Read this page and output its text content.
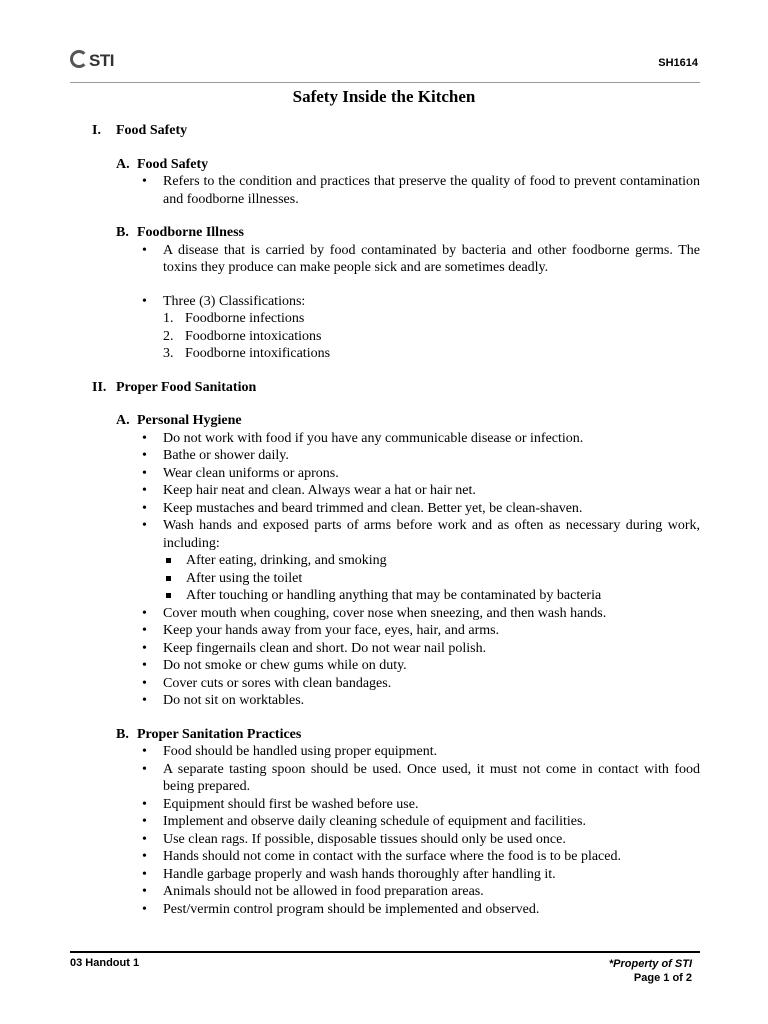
STI	SH1614
Safety Inside the Kitchen
I.	Food Safety
A. Food Safety
• Refers to the condition and practices that preserve the quality of food to prevent contamination and foodborne illnesses.
B. Foodborne Illness
• A disease that is carried by food contaminated by bacteria and other foodborne germs. The toxins they produce can make people sick and are sometimes deadly.
• Three (3) Classifications:
1. Foodborne infections
2. Foodborne intoxications
3. Foodborne intoxifications
II. Proper Food Sanitation
A. Personal Hygiene
• Do not work with food if you have any communicable disease or infection.
• Bathe or shower daily.
• Wear clean uniforms or aprons.
• Keep hair neat and clean. Always wear a hat or hair net.
• Keep mustaches and beard trimmed and clean. Better yet, be clean-shaven.
• Wash hands and exposed parts of arms before work and as often as necessary during work, including:
After eating, drinking, and smoking
After using the toilet
After touching or handling anything that may be contaminated by bacteria
• Cover mouth when coughing, cover nose when sneezing, and then wash hands.
• Keep your hands away from your face, eyes, hair, and arms.
• Keep fingernails clean and short. Do not wear nail polish.
• Do not smoke or chew gums while on duty.
• Cover cuts or sores with clean bandages.
• Do not sit on worktables.
B. Proper Sanitation Practices
• Food should be handled using proper equipment.
• A separate tasting spoon should be used. Once used, it must not come in contact with food being prepared.
• Equipment should first be washed before use.
• Implement and observe daily cleaning schedule of equipment and facilities.
• Use clean rags. If possible, disposable tissues should only be used once.
• Hands should not come in contact with the surface where the food is to be placed.
• Handle garbage properly and wash hands thoroughly after handling it.
• Animals should not be allowed in food preparation areas.
• Pest/vermin control program should be implemented and observed.
03 Handout 1	*Property of STI
Page 1 of 2
